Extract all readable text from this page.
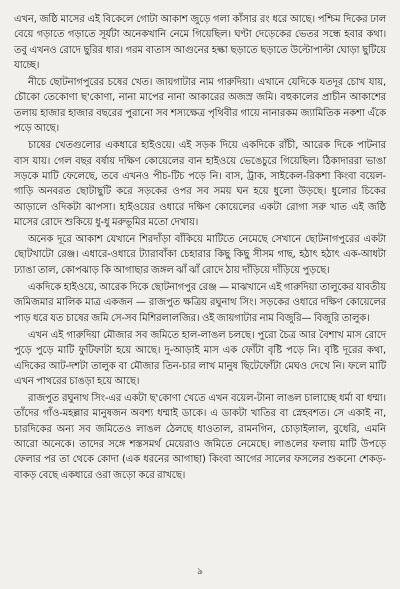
এখন, জষ্ঠি মাসের এই বিকেলে গোটা আকাশ জুড়ে গলা কাঁসার রং ধরে আছে। পশ্চিম দিকের ঢাল বেয়ে গড়াতে গড়াতে সূর্যটা অনেকখানি নেমে গিয়েছিল। ঘণ্টা দেড়েকের ভেতর সন্ধে হবার কথা। তবু এখনও রোদে ছুরির ধার। গরম বাতাস আগুনের হল্কা ছড়াতে ছড়াতে উল্টোপাল্টা ঘোড়া ছুটিয়ে যাচ্ছে।

নীচে ছোটনাগপুরের চষের খেত। জায়গাটার নাম গারুদিয়া। এখানে যেদিকে যতদূর চোখ যায়, চৌকো তেকোণা ছ'কোণা, নানা মাপের নানা আকারের অজস্র জমি। বহুকালের প্রাচীন আকাশের তলায় হাজার হাজার বছরের পুরানো সব শস্যক্ষেত্র পৃথিবীর গায়ে নানারকম জ্যামিতিক নকশা এঁকে পড়ে আছে।

চাষের খেতগুলোর একধারে হাইওয়ে। এই সড়ক দিয়ে একদিকে রাঁচী, আরেক দিকে পাটনার বাস যায়। গেল বছর বর্ষায় দক্ষিণ কোয়েলের বান হাইওয়ে ভেঙেচুরে গিয়েছিল। ঠিকাদাররা ভাঙা সড়কে মাটি ফেলেছে, তবে এখনও পীচ-টিচ পড়ে নি। বাস, ট্রাক, সাইকেল-রিকশা কিংবা বয়েল-গাড়ি অনবরত ছোটাছুটি করে সড়কের ওপর সব সময় ঘন হয়ে ধুলো উড়ছে। ধুলোর চিকের আড়ালে ওদিকটা ঝাপসা। হাইওয়ের ওধারে দক্ষিণ কোয়েলের একটা রোগা সরু খাত এই জষ্ঠি মাসের রোদে শুকিয়ে ধু-ধু মরুভূমির মতো দেখায়।

অনেক দূরে আকাশ যেখানে শিরদাঁড়া বাঁকিয়ে মাটিতে নেমেছে সেখানে ছোটনাগপুরের একটা ছোটখাটো রেঞ্জ। এধারে-ওধারে ট্যারাবাঁকা চেহারার কিছু কিছু সীসম গাছ, হঠাৎ হঠাৎ এক-আধটা ঢ্যাঙা তাল, কোপঝাড় কি আগাছার জঙ্গল ঝাঁ ঝাঁ রোদে ঠায় দাঁড়িয়ে দাঁড়িয়ে পুড়ছে।

একদিকে হাইওয়ে, আরেক দিকে ছোটনাগপুর রেঞ্জ — মাঝখানে এই গারুদিয়া তালুকের যাবতীয় জমিজমার মালিক মাত্র একজন — রাজপুত ক্ষত্রিয় রঘুনাথ সিং। সড়কের ওধারে দক্ষিণ কোয়েলের পাড় ধরে যত চাষের জমি সে-সব মিশিরলালজির। ওই জায়গাটার নাম বিজুরি— বিজুরি তালুক।

এখন এই গারুদিয়া মৌজার সব জমিতে হাল-লাঙল চলছে। পুরো চৈত্র আর বৈশাখ মাস রোদে পুড়ে পুড়ে মাটি ফুটিফাটা হয়ে আছে। দু-আড়াই মাস এক ফোঁটা বৃষ্টি পড়ে নি। বৃষ্টি দূরের কথা, এদিকের আট-দশটা তালুক বা মৌজার তিন-চার লাখ মানুষ ছিটেফোঁটা মেঘও দেখে নি। ফলে মাটি এখন পাথরের চাঙড়া হয়ে আছে।

রাজপুত রঘুনাথ সিং-এর একটা ছ'কোণা খেতে এখন বয়েল-টানা লাঙল চালাচ্ছে ধর্মা বা ধম্মা। তাঁদের গাঁও-মহল্লার মানুষজন অবশ্য ধম্মাই ডাকে। এ ডাকটা খাতির বা স্নেহবশত। সে একাই না, চারদিকের অন্য সব জমিতেও লাঙল ঠেলছে ধাওতাল, রামনগিন, চোড়াইলাল, বুধেরি, এমনি আরো অনেকে। তাদের সঙ্গে শস্তসমর্থ মেয়েরাও জমিতে নেমেছে। লাঙলের ফলায় মাটি উপড়ে ফেলার পর তা থেকে কোদা (এক ধরনের আগাছা) কিংবা আগের সালের ফসলের শুকনো শেকড়-বাকড় বেছে একধারে ওরা জড়ো করে রাখছে।

৯
